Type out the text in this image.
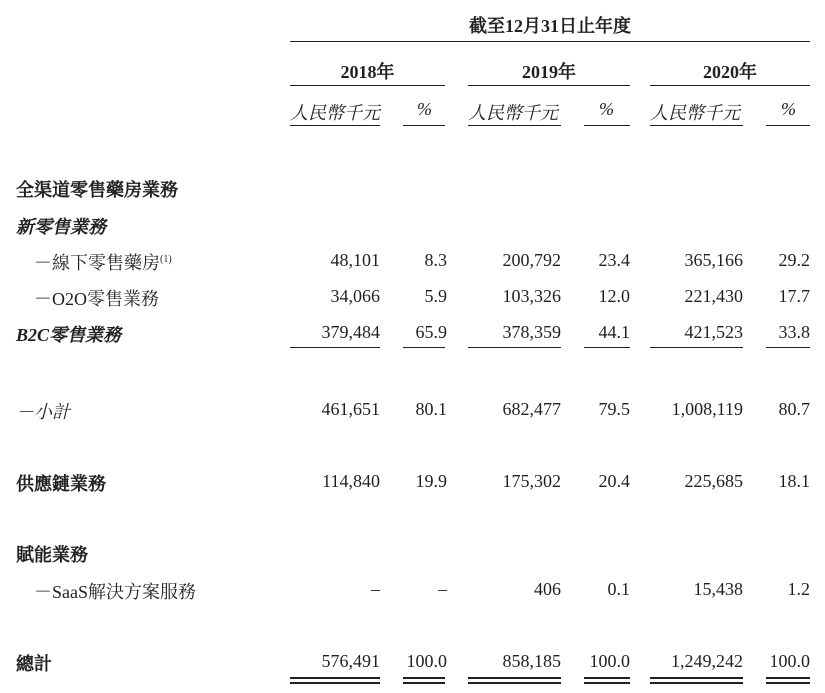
截至12月31日止年度
2018年	2019年	2020年
人民幣千元 % 人民幣千元 % 人民幣千元 %
全渠道零售藥房業務
新零售業務
－線下零售藥房$^{(1)}$	48,101 8.3	200,792 23.4	365,166 29.2
－O2O零售業務	34,066 5.9	103,326 12.0	221,430 17.7
B2C零售業務	379,484 65.9	378,359 44.1	421,523 33.8
－小計	461,651 80.1	682,477 79.5 1,008,119 80.7
供應鏈業務	114,840 19.9	175,302 20.4	225,685 18.1
賦能業務
－SaaS解決方案服務	–	–	406	0.1	15,438 1.2
總計	576,491 100.0	858,185 100.0 1,249,242 100.0
